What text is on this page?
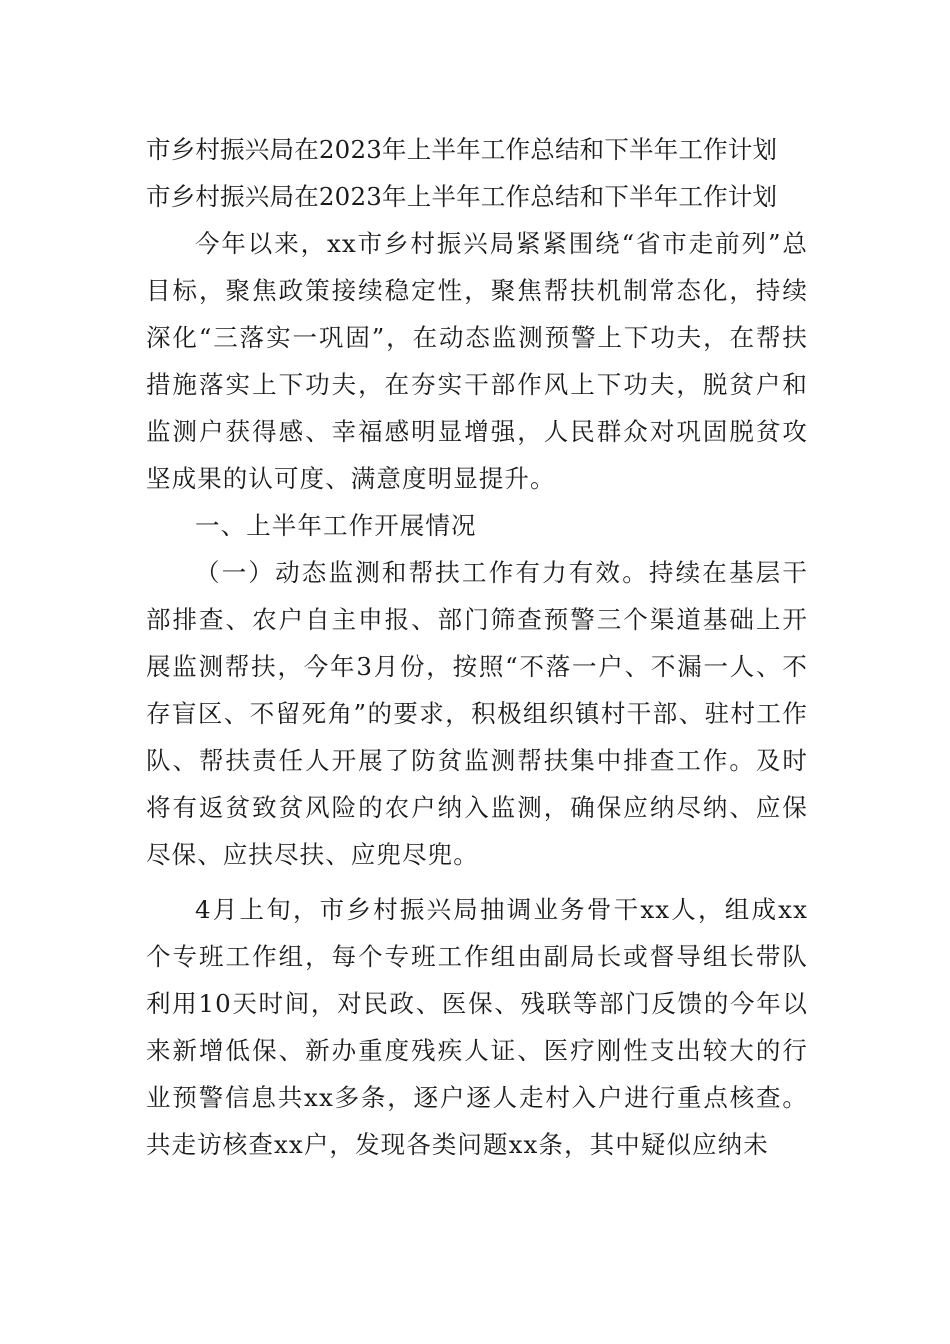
市乡村振兴局在2023年上半年工作总结和下半年工作计划
市乡村振兴局在2023年上半年工作总结和下半年工作计划

今年以来，xx市乡村振兴局紧紧围绕“省市走前列”总目标，聚焦政策接续稳定性，聚焦帮扶机制常态化，持续深化“三落实一巩固”，在动态监测预警上下功夫，在帮扶措施落实上下功夫，在夯实干部作风上下功夫，脱贫户和监测户获得感、幸福感明显增强，人民群众对巩固脱贫攻坚成果的认可度、满意度明显提升。

一、上半年工作开展情况

（一）动态监测和帮扶工作有力有效。持续在基层干部排查、农户自主申报、部门筛查预警三个渠道基础上开展监测帮扶，今年3月份，按照“不落一户、不漏一人、不存盲区、不留死角”的要求，积极组织镇村干部、驻村工作队、帮扶责任人开展了防贫监测帮扶集中排查工作。及时将有返贫致贫风险的农户纳入监测，确保应纳尽纳、应保尽保、应扶尽扶、应兜尽兜。

4月上旬，市乡村振兴局抽调业务骨干xx人，组成xx个专班工作组，每个专班工作组由副局长或督导组长带队利用10天时间，对民政、医保、残联等部门反馈的今年以来新增低保、新办重度残疾人证、医疗刚性支出较大的行业预警信息共xx多条，逐户逐人走村入户进行重点核查。共走访核查xx户，发现各类问题xx条，其中疑似应纳未
